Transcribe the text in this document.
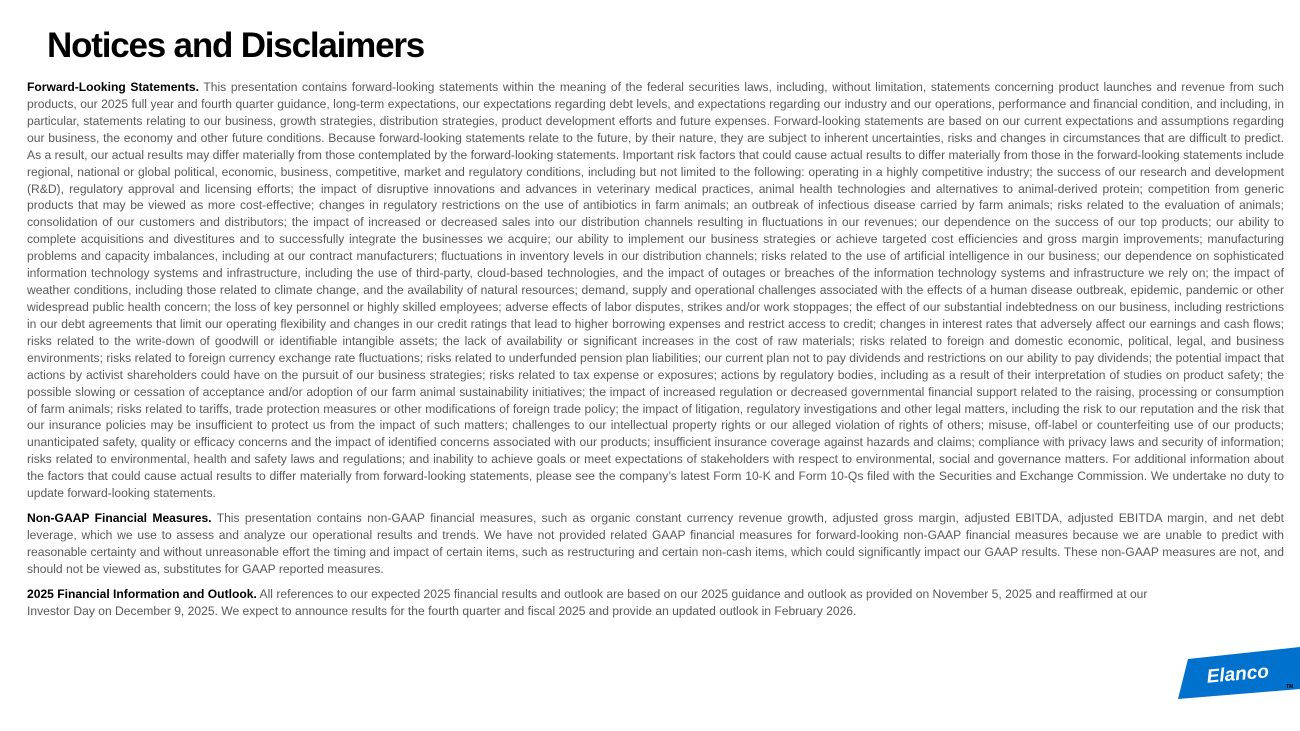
Notices and Disclaimers

Forward-Looking Statements. This presentation contains forward-looking statements within the meaning of the federal securities laws, including, without limitation, statements concerning product launches and revenue from such products, our 2025 full year and fourth quarter guidance, long-term expectations, our expectations regarding debt levels, and expectations regarding our industry and our operations, performance and financial condition, and including, in particular, statements relating to our business, growth strategies, distribution strategies, product development efforts and future expenses. Forward-looking statements are based on our current expectations and assumptions regarding our business, the economy and other future conditions. Because forward-looking statements relate to the future, by their nature, they are subject to inherent uncertainties, risks and changes in circumstances that are difficult to predict. As a result, our actual results may differ materially from those contemplated by the forward-looking statements. Important risk factors that could cause actual results to differ materially from those in the forward-looking statements include regional, national or global political, economic, business, competitive, market and regulatory conditions, including but not limited to the following: operating in a highly competitive industry; the success of our research and development (R&D), regulatory approval and licensing efforts; the impact of disruptive innovations and advances in veterinary medical practices, animal health technologies and alternatives to animal-derived protein; competition from generic products that may be viewed as more cost-effective; changes in regulatory restrictions on the use of antibiotics in farm animals; an outbreak of infectious disease carried by farm animals; risks related to the evaluation of animals; consolidation of our customers and distributors; the impact of increased or decreased sales into our distribution channels resulting in fluctuations in our revenues; our dependence on the success of our top products; our ability to complete acquisitions and divestitures and to successfully integrate the businesses we acquire; our ability to implement our business strategies or achieve targeted cost efficiencies and gross margin improvements; manufacturing problems and capacity imbalances, including at our contract manufacturers; fluctuations in inventory levels in our distribution channels; risks related to the use of artificial intelligence in our business; our dependence on sophisticated information technology systems and infrastructure, including the use of third-party, cloud-based technologies, and the impact of outages or breaches of the information technology systems and infrastructure we rely on; the impact of weather conditions, including those related to climate change, and the availability of natural resources; demand, supply and operational challenges associated with the effects of a human disease outbreak, epidemic, pandemic or other widespread public health concern; the loss of key personnel or highly skilled employees; adverse effects of labor disputes, strikes and/or work stoppages; the effect of our substantial indebtedness on our business, including restrictions in our debt agreements that limit our operating flexibility and changes in our credit ratings that lead to higher borrowing expenses and restrict access to credit; changes in interest rates that adversely affect our earnings and cash flows; risks related to the write-down of goodwill or identifiable intangible assets; the lack of availability or significant increases in the cost of raw materials; risks related to foreign and domestic economic, political, legal, and business environments; risks related to foreign currency exchange rate fluctuations; risks related to underfunded pension plan liabilities; our current plan not to pay dividends and restrictions on our ability to pay dividends; the potential impact that actions by activist shareholders could have on the pursuit of our business strategies; risks related to tax expense or exposures; actions by regulatory bodies, including as a result of their interpretation of studies on product safety; the possible slowing or cessation of acceptance and/or adoption of our farm animal sustainability initiatives; the impact of increased regulation or decreased governmental financial support related to the raising, processing or consumption of farm animals; risks related to tariffs, trade protection measures or other modifications of foreign trade policy; the impact of litigation, regulatory investigations and other legal matters, including the risk to our reputation and the risk that our insurance policies may be insufficient to protect us from the impact of such matters; challenges to our intellectual property rights or our alleged violation of rights of others; misuse, off-label or counterfeiting use of our products; unanticipated safety, quality or efficacy concerns and the impact of identified concerns associated with our products; insufficient insurance coverage against hazards and claims; compliance with privacy laws and security of information; risks related to environmental, health and safety laws and regulations; and inability to achieve goals or meet expectations of stakeholders with respect to environmental, social and governance matters. For additional information about the factors that could cause actual results to differ materially from forward-looking statements, please see the company’s latest Form 10-K and Form 10-Qs filed with the Securities and Exchange Commission. We undertake no duty to update forward-looking statements.

Non-GAAP Financial Measures. This presentation contains non-GAAP financial measures, such as organic constant currency revenue growth, adjusted gross margin, adjusted EBITDA, adjusted EBITDA margin, and net debt leverage, which we use to assess and analyze our operational results and trends. We have not provided related GAAP financial measures for forward-looking non-GAAP financial measures because we are unable to predict with reasonable certainty and without unreasonable effort the timing and impact of certain items, such as restructuring and certain non-cash items, which could significantly impact our GAAP results. These non-GAAP measures are not, and should not be viewed as, substitutes for GAAP reported measures.

2025 Financial Information and Outlook. All references to our expected 2025 financial results and outlook are based on our 2025 guidance and outlook as provided on November 5, 2025 and reaffirmed at our Investor Day on December 9, 2025. We expect to announce results for the fourth quarter and fiscal 2025 and provide an updated outlook in February 2026.

Elanco	TM
